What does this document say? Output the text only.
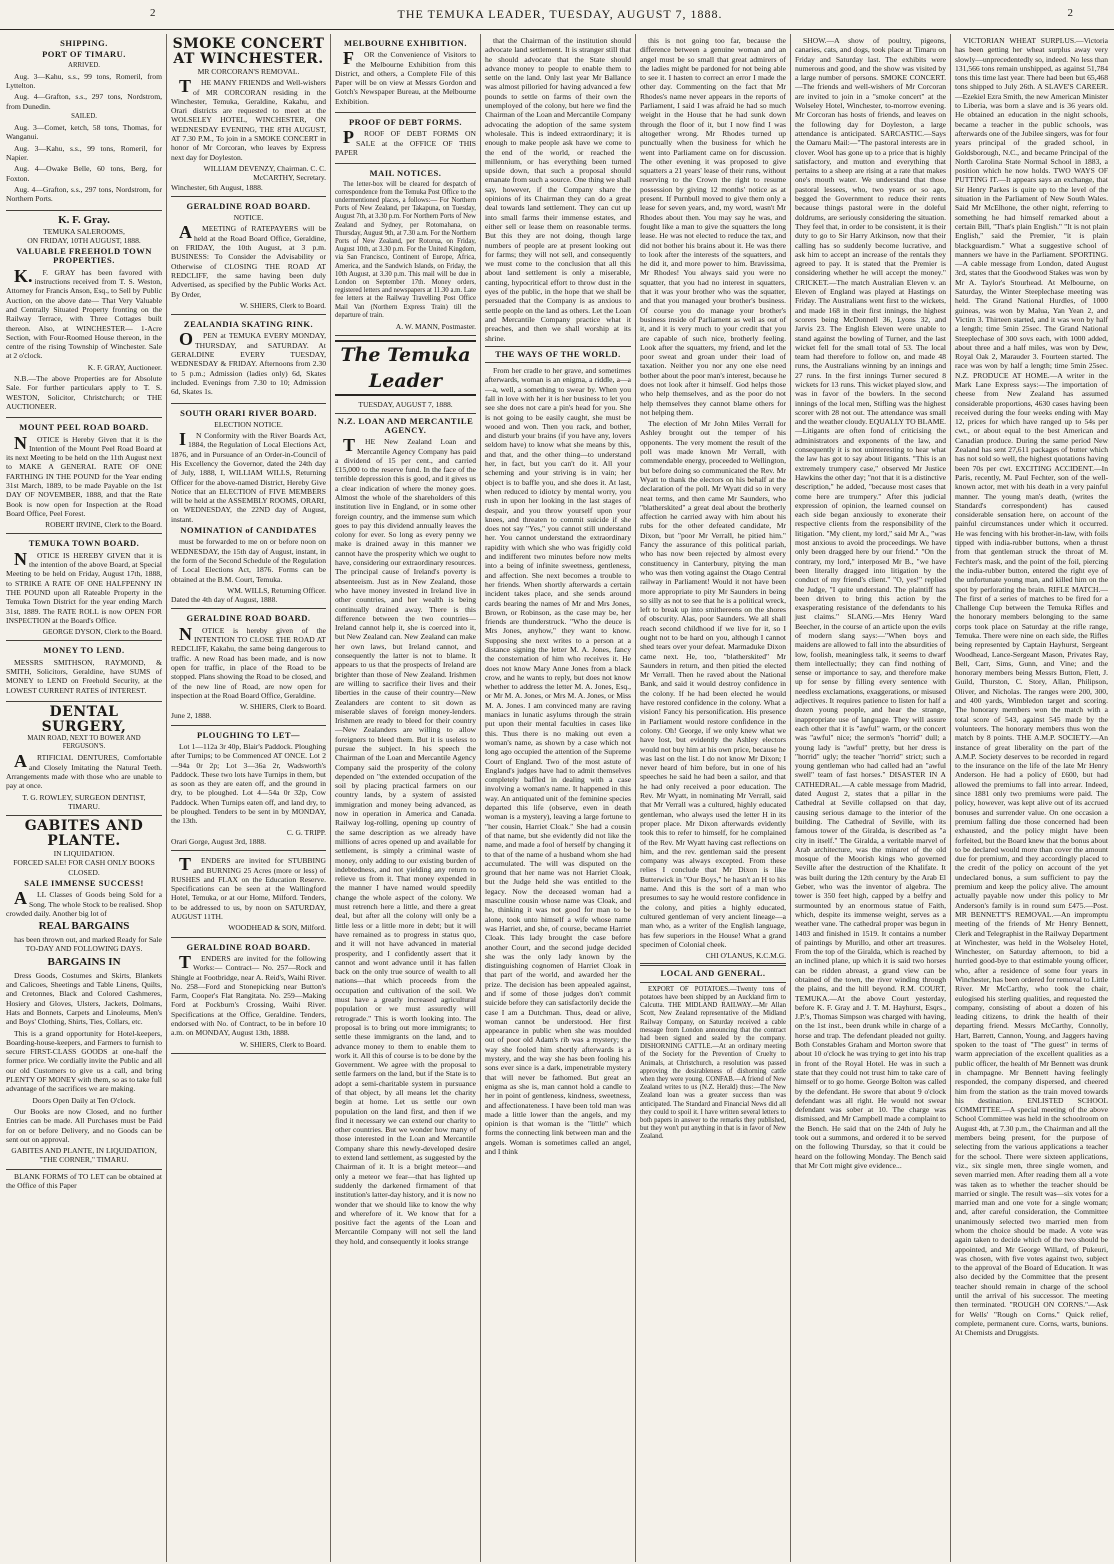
2	THE TEMUKA LEADER, TUESDAY, AUGUST 7, 1888.	2
SHIPPING.
PORT OF TIMARU.
ARRIVED.

Aug. 3—Kahu, s.s., 99 tons, Romeril, from Lyttelton.

Aug. 4—Grafton, s.s., 297 tons, Nordstrom, from Dunedin.

SAILED.

Aug. 3—Comet, ketch, 58 tons, Thomas, for Wanganui.

Aug. 3—Kahu, s.s., 99 tons, Romeril, for Napier.

Aug. 4—Owake Belle, 60 tons, Berg, for Foxton.

Aug. 4—Grafton, s.s., 297 tons, Nordstrom, for Northern Ports.

K. F. Gray.
TEMUKA SALEROOMS,
ON FRIDAY, 10TH AUGUST, 1888.
VALUABLE FREEHOLD TOWN PROPERTIES.

K.F. GRAY has been favored with instructions received from T. S. Weston, Attorney for Francis Anson, Esq., to Sell by Public Auction, on the above date— That Very Valuable and Centrally Situated Property fronting on the Railway Terrace, with Three Cottages built thereon. Also, at WINCHESTER— 1-Acre Section, with Four-Roomed House thereon, in the centre of the rising Township of Winchester. Sale at 2 o'clock.

K. F. GRAY, Auctioneer.

N.B.—The above Properties are for Absolute Sale. For further particulars apply to T. S. WESTON, Solicitor, Christchurch; or THE AUCTIONEER.

MOUNT PEEL ROAD BOARD.

NOTICE is Hereby Given that it is the Intention of the Mount Peel Road Board at its next Meeting to be held on the 11th August next to MAKE A GENERAL RATE OF ONE FARTHING IN THE POUND for the Year ending 31st March, 1889, to be made Payable on the 1st DAY OF NOVEMBER, 1888, and that the Rate Book is now open for Inspection at the Road Board Office, Peel Forest.

ROBERT IRVINE, Clerk to the Board.
TEMUKA TOWN BOARD.

NOTICE IS HEREBY GIVEN that it is the intention of the above Board, at Special Meeting to be held on Friday, August 17th, 1888, to STRIKE A RATE OF ONE HALFPENNY IN THE POUND upon all Rateable Property in the Temuka Town District for the year ending March 31st, 1889. The RATE ROLL is now OPEN FOR INSPECTION at the Board's Office.

GEORGE DYSON, Clerk to the Board.
MONEY TO LEND.

MESSRS SMITHSON, RAYMOND, & SMITH, Solicitors, Geraldine, have SUMS of MONEY to LEND on Freehold Security, at the LOWEST CURRENT RATES of INTEREST.

DENTAL SURGERY,
MAIN ROAD, NEXT TO BOWER AND FERGUSON'S.

ARTIFICIAL DENTURES, Comfortable and Closely Imitating the Natural Teeth. Arrangements made with those who are unable to pay at once.

T. G. ROWLEY, SURGEON DENTIST, TIMARU.
GABITES AND PLANTE.
IN LIQUIDATION.
FORCED SALE! FOR CASH ONLY BOOKS CLOSED.
SALE IMMENSE SUCCESS!

ALL Classes of Goods being Sold for a Song. The whole Stock to be realised. Shop crowded daily. Another big lot of

REAL BARGAINS

has been thrown out, and marked Ready for Sale TO-DAY AND FOLLOWING DAYS.

BARGAINS IN

Dress Goods, Costumes and Skirts, Blankets and Calicoes, Sheetings and Table Linens, Quilts, and Cretonnes, Black and Colored Cashmeres, Hosiery and Gloves, Ulsters, Jackets, Dolmans, Hats and Bonnets, Carpets and Linoleums, Men's and Boys' Clothing, Shirts, Ties, Collars, etc.

This is a grand opportunity for Hotel-keepers, Boarding-house-keepers, and Farmers to furnish to secure FIRST-CLASS GOODS at one-half the former price. We cordially invite the Public and all our old Customers to give us a call, and bring PLENTY OF MONEY with them, so as to take full advantage of the sacrifices we are making.

Doors Open Daily at Ten O'clock.

Our Books are now Closed, and no further Entries can be made. All Purchases must be Paid for on or before Delivery, and no Goods can be sent out on approval.

GABITES AND PLANTE, IN LIQUIDATION, "THE CORNER," TIMARU.

BLANK FORMS of TO LET can be obtained at the Office of this Paper

SMOKE CONCERT AT WINCHESTER.
MR CORCORAN'S REMOVAL.

THE MANY FRIENDS and Well-wishers of MR CORCORAN residing in the Winchester, Temuka, Geraldine, Kakahu, and Orari districts are requested to meet at the WOLSELEY HOTEL, WINCHESTER, ON WEDNESDAY EVENING, THE 8TH AUGUST, AT 7.30 P.M., To join in a SMOKE CONCERT in honor of Mr Corcoran, who leaves by Express next day for Doyleston.

WILLIAM DEVENZY, Chairman. C. C. McCARTHY, Secretary.
Winchester, 6th August, 1888.
GERALDINE ROAD BOARD.
NOTICE.

AMEETING of RATEPAYERS will be held at the Road Board Office, Geraldine, on FRIDAY, the 10th August, at 3 p.m. BUSINESS: To Consider the Advisability or Otherwise of CLOSING THE ROAD AT REDCLIFF, the same having been duly Advertised, as specified by the Public Works Act. By Order,

W. SHIERS, Clerk to Board.
ZEALANDIA SKATING RINK.

OPEN at TEMUKA EVERY MONDAY, THURSDAY, and SATURDAY. At GERALDINE EVERY TUESDAY, WEDNESDAY & FRIDAY. Afternoons from 2.30 to 5 p.m.; Admission (ladies only) 6d, Skates included. Evenings from 7.30 to 10; Admission 6d, Skates 1s.

SOUTH ORARI RIVER BOARD.
ELECTION NOTICE.

IN Conformity with the River Boards Act, 1884, the Regulation of Local Elections Act, 1876, and in Pursuance of an Order-in-Council of His Excellency the Governor, dated the 24th day of July, 1888, I, WILLIAM WILLS, Returning Officer for the above-named District, Hereby Give Notice that an ELECTION of FIVE MEMBERS will be held at the ASSEMBLY ROOMS, ORARI, on WEDNESDAY, the 22ND day of August, instant.

NOMINATION of CANDIDATES

must be forwarded to me on or before noon on WEDNESDAY, the 15th day of August, instant, in the form of the Second Schedule of the Regulation of Local Elections Act, 1876. Forms can be obtained at the B.M. Court, Temuka.

WM. WILLS, Returning Officer.
Dated the 4th day of August, 1888.
GERALDINE ROAD BOARD.

NOTICE is hereby given of the INTENTION TO CLOSE THE ROAD AT REDCLIFF, Kakahu, the same being dangerous to traffic. A new Road has been made, and is now open for traffic, in place of the Road to be stopped. Plans showing the Road to be closed, and of the new line of Road, are now open for inspection at the Road Board Office, Geraldine.

W. SHIERS, Clerk to Board.
June 2, 1888.
PLOUGHING TO LET—

Lot 1—112a 3r 40p, Blair's Paddock. Ploughing after Turnips; to be Commenced AT ONCE. Lot 2—94a 0r 2p; Lot 3—36a 2r, Wadsworth's Paddock. These two lots have Turnips in them, but as soon as they are eaten off, and the ground in dry, to be ploughed. Lot 4—54a 0r 32p, Cow Paddock. When Turnips eaten off, and land dry, to be ploughed. Tenders to be sent in by MONDAY, the 13th.

C. G. TRIPP.
Orari Gorge, August 3rd, 1888.

TENDERS are invited for STUBBING and BURNING 25 Acres (more or less) of RUSHES and FLAX on the Education Reserve. Specifications can be seen at the Wallingford Hotel, Temuka, or at our Home, Milford. Tenders, to be addressed to us, by noon on SATURDAY, AUGUST 11TH.

WOODHEAD & SON, Milford.
GERALDINE ROAD BOARD.

TENDERS are invited for the following Works:— Contract— No. 257—Rock and Shingle at Footbridge, near A. Reid's, Waihi River. No. 258—Ford and Stonepicking near Button's Farm, Cooper's Flat Rangitata. No. 259—Making Ford at Pockburn's Crossing, Waihi River. Specifications at the Office, Geraldine. Tenders, endorsed with No. of Contract, to be in before 10 a.m. on MONDAY, August 13th, 1888.

W. SHIERS, Clerk to Board.
MELBOURNE EXHIBITION.

FOR the Convenience of Visitors to the Melbourne Exhibition from this District, and others, a Complete File of this Paper will be on view at Messrs Gordon and Gotch's Newspaper Bureau, at the Melbourne Exhibition.

PROOF OF DEBT FORMS.

PROOF OF DEBT FORMS ON SALE at the OFFICE OF THIS PAPER

MAIL NOTICES.

The letter-box will be cleared for despatch of correspondence from the Temuka Post Office to the undermentioned places, a follows:— For Northern Ports of New Zealand, per Takapuna, on Tuesday, August 7th, at 3.30 p.m. For Northern Ports of New Zealand and Sydney, per Rotomahana, on Thursday, August 9th, at 7.30 a.m. For the Northern Ports of New Zealand, per Rotorua, on Friday, August 10th, at 3.30 p.m. For the United Kingdom, via San Francisco, Continent of Europe, Africa, America, and the Sandwich Islands, on Friday, the 10th August, at 3.30 p.m. This mail will be due in London on September 17th. Money orders, registered letters and newspapers at 11.30 a.m. Late fee letters at the Railway Travelling Post Office Mail Van (Northern Express Train) till the departure of train.

A. W. MANN, Postmaster.
The Temuka Leader
TUESDAY, AUGUST 7, 1888.
N.Z. LOAN AND MERCANTILE AGENCY.

THE New Zealand Loan and Mercantile Agency Company has paid a dividend of 15 per cent., and carried £15,000 to the reserve fund. In the face of the terrible depression this is good, and it gives us a clear indication of where the money goes. Almost the whole of the shareholders of this institution live in England, or in some other foreign country, and the immense sum which goes to pay this dividend annually leaves the colony for ever. So long as every penny we make is drained away in this manner we cannot have the prosperity which we ought to have, considering our extraordinary resources. The principal cause of Ireland's poverty is absenteeism. Just as in New Zealand, those who have money invested in Ireland live in other countries, and her wealth is being continually drained away. There is this difference between the two countries—Ireland cannot help it, she is coerced into it, but New Zealand can. New Zealand can make her own laws, but Ireland cannot, and consequently the latter is not to blame. It appears to us that the prospects of Ireland are brighter than those of New Zealand. Irishmen are willing to sacrifice their lives and their liberties in the cause of their country—New Zealanders are content to sit down as miserable slaves of foreign money-lenders. Irishmen are ready to bleed for their country—New Zealanders are willing to allow foreigners to bleed them. But it is useless to pursue the subject. In his speech the Chairman of the Loan and Mercantile Agency Company said the prosperity of the colony depended on "the extended occupation of the soil by placing practical farmers on our country lands, by a system of assisted immigration and money being advanced, as now in operation in America and Canada. Railway log-rolling, opening up country of the same description as we already have millions of acres opened up and available for settlement, is simply a criminal waste of money, only adding to our existing burden of indebtedness, and not yielding any return to relieve us from it. That money expended in the manner I have named would speedily change the whole aspect of the colony. We must retrench here a little, and there a great deal, but after all the colony will only be a little less or a little more in debt; but it will have remained as to progress in status quo, and it will not have advanced in material prosperity, and I confidently assert that it cannot and wont advance until it has fallen back on the only true source of wealth to all nations—that which proceeds from the occupation and cultivation of the soil. We must have a greatly increased agricultural population or we must assuredly will retrograde." This is worth looking into. The proposal is to bring out more immigrants; to settle these immigrants on the land, and to advance money to them to enable them to work it. All this of course is to be done by the Government. We agree with the proposal to settle farmers on the land, but if the State is to adopt a semi-charitable system in pursuance of that object, by all means let the charity begin at home. Let us settle our own population on the land first, and then if we find it necessary we can extend our charity to other countries. But we wonder how many of those interested in the Loan and Mercantile Company share this newly-developed desire to extend land settlement, as suggested by the Chairman of it. It is a bright meteor—and only a meteor we fear—that has lighted up suddenly the darkened firmament of that institution's latter-day history, and it is now no wonder that we should like to know the why and wherefore of it. We know that for a positive fact the agents of the Loan and Mercantile Company will not sell the land they hold, and consequently it looks strange

that the Chairman of the institution should advocate land settlement. It is stranger still that he should advocate that the State should advance money to people to enable them to settle on the land. Only last year Mr Ballance was almost pilloried for having advanced a few pounds to settle on farms of their own the unemployed of the colony, but here we find the Chairman of the Loan and Mercantile Company advocating the adoption of the same system wholesale. This is indeed extraordinary; it is enough to make people ask have we come to the end of the world, or reached the millennium, or has everything been turned upside down, that such a proposal should emanate from such a source. One thing we shall say, however, if the Company share the opinions of its Chairman they can do a great deal towards land settlement. They can cut up into small farms their immense estates, and either sell or lease them on reasonable terms. But this they are not doing, though large numbers of people are at present looking out for farms; they will not sell, and consequently we must come to the conclusion that all this about land settlement is only a miserable, canting, hypocritical effort to throw dust in the eyes of the public, in the hope that we shall be persuaded that the Company is as anxious to settle people on the land as others. Let the Loan and Mercantile Company practice what it preaches, and then we shall worship at its shrine.

THE WAYS OF THE WORLD.

From her cradle to her grave, and sometimes afterwards, woman is an enigma, a riddle, a—a—a, well, a something to swear by. When you fall in love with her it is her business to let you see she does not care a pin's head for you. She is not going to be easily caught, she must be wooed and won. Then you rack, and bother, and disturb your brains (if you have any, lovers seldom have) to know what she means by this, and that, and the other thing—to understand her, in fact, but you can't do it. All your scheming and your striving is in vain; her object is to baffle you, and she does it. At last, when reduced to idiotcy by mental worry, you rush in upon her looking in the last stages of despair, and you throw yourself upon your knees, and threaten to commit suicide if she does not say "Yes," you cannot still understand her. You cannot understand the extraordinary rapidity with which she who was frigidly cold and indifferent two minutes before now melts into a being of infinite sweetness, gentleness, and affection. She next becomes a trouble to her friends. When shortly afterwards a certain incident takes place, and she sends around cards bearing the names of Mr and Mrs Jones, Brown, or Robinson, as the case may be, her friends are thunderstruck. "Who the deuce is Mrs Jones, anyhow," they want to know. Supposing she next writes to a person at a distance signing the letter M. A. Jones, fancy the consternation of him who receives it. He does not know Mary Anne Jones from a black crow, and he wants to reply, but does not know whether to address the letter M. A. Jones, Esq., or Mr M. A. Jones, or Mrs M. A. Jones, or Miss M. A. Jones. I am convinced many are raving maniacs in lunatic asylums through the strain put upon their mental faculties in cases like this. Thus there is no making out even a woman's name, as shown by a case which not long ago occupied the attention of the Supreme Court of England. Two of the most astute of England's judges have had to admit themselves completely baffled in dealing with a case involving a woman's name. It happened in this way. An antiquated unit of the feminine species departed this life (observe, even in death woman is a mystery), leaving a large fortune to "her cousin, Harriet Cloak." She had a cousin of that name, but she evidently did not like the name, and made a fool of herself by changing it to that of the name of a husband whom she had accumulated. The will was disputed on the ground that her name was not Harriet Cloak, but the Judge held she was entitled to the legacy. Now the deceased woman had a masculine cousin whose name was Cloak, and he, thinking it was not good for man to be alone, took unto himself a wife whose name was Harriet, and she, of course, became Harriet Cloak. This lady brought the case before another Court, and the second judge decided she was the only lady known by the distinguishing cognomen of Harriet Cloak in that part of the world, and awarded her the prize. The decision has been appealed against, and if some of those judges don't commit suicide before they can satisfactorily decide the case I am a Dutchman. Thus, dead or alive, woman cannot be understood. Her first appearance in public when she was moulded out of poor old Adam's rib was a mystery; the way she fooled him shortly afterwards is a mystery, and the way she has been fooling his sons ever since is a dark, impenetrable mystery that will never be fathomed. But great an enigma as she is, man cannot hold a candle to her in point of gentleness, kindness, sweetness, and affectionateness. I have been told man was made a little lower than the angels, and my opinion is that woman is the "little" which forms the connecting link between man and the angels. Woman is sometimes called an angel, and I think

this is not going too far, because the difference between a genuine woman and an angel must be so small that great admirers of the ladies might be pardoned for not being able to see it. I hasten to correct an error I made the other day. Commenting on the fact that Mr Rhodes's name never appears in the reports of Parliament, I said I was afraid he had so much weight in the House that he had sunk down through the floor of it, but I now find I was altogether wrong. Mr Rhodes turned up punctually when the business for which he went into Parliament came on for discussion. The other evening it was proposed to give squatters a 21 years' lease of their runs, without reserving to the Crown the right to resume possession by giving 12 months' notice as at present. If Purnbull moved to give them only a lease for seven years, and, my word, wasn't Mr Rhodes about then. You may say he was, and fought like a man to give the squatters the long lease. He was not elected to reduce the tax, and did not bother his brains about it. He was there to look after the interests of the squatters, and he did it, and more power to him. Bravissima, Mr Rhodes! You always said you were no squatter, that you had no interest in squatters, that it was your brother who was the squatter, and that you managed your brother's business. Of course you do manage your brother's business inside of Parliament as well as out of it, and it is very much to your credit that you are capable of such nice, brotherly feeling. Look after the squatters, my friend, and let the poor sweat and groan under their load of taxation. Neither you nor any one else need bother about the poor man's interest, because he does not look after it himself. God helps those who help themselves, and as the poor do not help themselves they cannot blame others for not helping them.

The election of Mr John Miles Verrall for Ashley brought out the temper of his opponents. The very moment the result of the poll was made known Mr Verrall, with commendable energy, proceeded to Wellington, but before doing so communicated the Rev. Mr Wyatt to thank the electors on his behalf at the declaration of the poll. Mr Wyatt did so in very neat terms, and then came Mr Saunders, who "blatherskited" a great deal about the brotherly affection he carried away with him about his rubs for the other defeated candidate, Mr Dixon, but "poor Mr Verrall, he pitied him." Fancy the assurance of this political pariah, who has now been rejected by almost every constituency in Canterbury, pitying the man who was then voting against the Otago Central railway in Parliament! Would it not have been more appropriate to pity Mr Saunders in being so silly as not to see that he is a political wreck, left to break up into smithereens on the shores of obscurity. Alas, poor Saunders. We all shall reach second childhood if we live for it, so I ought not to be hard on you, although I cannot shed tears over your defeat. Marmaduke Dixon came next. He, too, "blatherskited" Mr Saunders in return, and then pitied the elected Mr Verrall. Then he raved about the National Bank, and said it would destroy confidence in the colony. If he had been elected he would have restored confidence in the colony. What a vision! Fancy his personification. His presence in Parliament would restore confidence in the colony. Oh! George, if we only knew what we have lost, but evidently the Ashley electors would not buy him at his own price, because he was last on the list. I do not know Mr Dixon; I never heard of him before, but in one of his speeches he said he had been a sailor, and that he had only received a poor education. The Rev. Mr Wyatt, in nominating Mr Verrall, said that Mr Verrall was a cultured, highly educated gentleman, who always used the letter H in its proper place. Mr Dixon afterwards evidently took this to refer to himself, for he complained of the Rev. Mr Wyatt having cast reflections on him, and the rev. gentleman said the present company was always excepted. From these relies I conclude that Mr Dixon is like Butterwick in "Our Boys," he hasn't an H to his name. And this is the sort of a man who presumes to say he would restore confidence in the colony, and pities a highly educated, cultured gentleman of very ancient lineage—a man who, as a writer of the English language, has few superiors in the House! What a grand specimen of Colonial cheek.

CHI O'LANUS, K.C.M.G.
LOCAL AND GENERAL.

EXPORT OF POTATOES.—Twenty tons of potatoes have been shipped by an Auckland firm to Calcutta. THE MIDLAND RAILWAY.—Mr Allan Scott, New Zealand representative of the Midland Railway Company, on Saturday received a cable message from London announcing that the contract had been signed and sealed by the company. DISHORNING CATTLE.—At an ordinary meeting of the Society for the Prevention of Cruelty to Animals, at Christchurch, a resolution was passed approving the desirableness of dishorning cattle when they were young. CONFAB.—A friend of New Zealand writes to us (N.Z. Herald) thus:—The New Zealand loan was a greater success than was anticipated. The Standard and Financial News did all they could to spoil it. I have written several letters to both papers in answer to the remarks they published, but they won't put anything in that is in favor of New Zealand.

SHOW.—A show of poultry, pigeons, canaries, cats, and dogs, took place at Timaru on Friday and Saturday last. The exhibits were numerous and good, and the show was visited by a large number of persons. SMOKE CONCERT.—The friends and well-wishers of Mr Corcoran are invited to join in a "smoke concert" at the Wolseley Hotel, Winchester, to-morrow evening. Mr Corcoran has hosts of friends, and leaves on the following day for Doyleston, a large attendance is anticipated. SARCASTIC.—Says the Oamaru Mail:—"The pastoral interests are in clover. Wool has gone up to a price that is highly satisfactory, and mutton and everything that pertains to a sheep are rising at a rate that makes one's mouth water. We understand that those pastoral lessees, who, two years or so ago, begged the Government to reduce their rents because things pastoral were in the doleful doldrums, are seriously considering the situation. They feel that, in order to be consistent, it is their duty to go to Sir Harry Atkinson, now that their calling has so suddenly become lucrative, and ask him to accept an increase of the rentals they agreed to pay. It is stated that the Premier is considering whether he will accept the money." CRICKET.—The match Australian Eleven v. an Eleven of England was played at Hastings on Friday. The Australians went first to the wickets, and made 168 in their first innings, the highest scorers being McDonnell 36, Lyons 32, and Jarvis 23. The English Eleven were unable to stand against the bowling of Turner, and the last wicket fell for the small total of 53. The local team had therefore to follow on, and made 48 runs, the Australians winning by an innings and 27 runs. In the first innings Turner secured 8 wickets for 13 runs. This wicket played slow, and was in favor of the bowlers. In the second innings of the local men, Stifling was the highest scorer with 28 not out. The attendance was small and the weather cloudy. EQUALLY TO BLAME.—Litigants are often fond of criticising the administrators and exponents of the law, and consequently it is not uninteresting to hear what the law has got to say about litigants. "This is an extremely trumpery case," observed Mr Justice Hawkins the other day; "not that it is a distinctive description," he added, "because most cases that come here are trumpery." After this judicial expression of opinion, the learned counsel on each side began anxiously to exonerate their respective clients from the responsibility of the litigation. "My client, my lord," said Mr A., "was most anxious to avoid the proceedings. We have only been dragged here by our friend." "On the contrary, my lord," interposed Mr B., "we have been literally dragged into litigation by the conduct of my friend's client." "O, yes!" replied the Judge, "I quite understand. The plaintiff has been driven to bring this action by the exasperating resistance of the defendants to his just claims." SLANG.—Mrs Henry Ward Beecher, in the course of an article upon the evils of modern slang says:—"When boys and maidens are allowed to fall into the absurdities of low, foolish, meaningless talk, it seems to dwarf them intellectually; they can find nothing of sense or importance to say, and therefore make up for sense by filling every sentence with needless exclamations, exaggerations, or misused adjectives. It requires patience to listen for half a dozen young people, and hear the strange, inappropriate use of language. They will assure each other that it is "awful" warm, or the concert was "awful" nice; the sermon's "horrid" dull; a young lady is "awful" pretty, but her dress is "horrid" ugly; the teacher "horrid" strict; such a young gentleman who had called had an "awful swell" team of fast horses." DISASTER IN A CATHEDRAL.—A cable message from Madrid, dated August 2, states that a pillar in the Cathedral at Seville collapsed on that day, causing serious damage to the interior of the building. The Cathedral of Seville, with its famous tower of the Giralda, is described as "a city in itself." The Giralda, a veritable marvel of Arab architecture, was the minaret of the old mosque of the Moorish kings who governed Seville after the destruction of the Khalifate. It was built during the 12th century by the Arab El Geber, who was the inventor of algebra. The tower is 350 feet high, capped by a belfry and surmounted by an enormous statue of Faith, which, despite its immense weight, serves as a weather vane. The cathedral proper was begun in 1403 and finished in 1519. It contains a number of paintings by Murillo, and other art treasures. From the top of the Giralda, which is reached by an inclined plane, up which it is said two horses can be ridden abreast, a grand view can be obtained of the town, the river winding through the plains, and the hill beyond. R.M. COURT, TEMUKA.—At the above Court yesterday, before K. F. Gray and J. T. M. Hayhurst, Esqrs., J.P.'s, Thomas Simpson was charged with having, on the 1st inst., been drunk while in charge of a horse and trap. The defendant pleaded not guilty. Both Constables Graham and Morton swore that about 10 o'clock he was trying to get into his trap in front of the Royal Hotel. He was in such a state that they could not trust him to take care of himself or to go home. George Bolton was called by the defendant. He swore that about 9 o'clock defendant was all right. He would not swear defendant was sober at 10. The charge was dismissed, and Mr Campbell made a complaint to the Bench. He said that on the 24th of July he took out a summons, and ordered it to be served on the following Thursday, so that it could be heard on the following Monday. The Bench said that Mr Cott might give evidence...

VICTORIAN WHEAT SURPLUS.—Victoria has been getting her wheat surplus away very slowly—unprecedentedly so, indeed. No less than 131,566 tons remain unshipped, as against 51,784 tons this time last year. There had been but 65,468 tons shipped to July 26th. A SLAVE'S CAREER.—Ezekiel Ezra Smith, the new American Minister to Liberia, was born a slave and is 36 years old. He obtained an education in the night schools, became a teacher in the public schools, was afterwards one of the Jubilee singers, was for four years principal of the graded school, in Goldsborough, N.C., and became Principal of the North Carolina State Normal School in 1883, a position which he now holds. TWO WAYS OF PUTTING IT.—It appears says an exchange, that Sir Henry Parkes is quite up to the level of the situation in the Parliament of New South Wales. Said Mr McElhone, the other night, referring to something he had himself remarked about a certain Bill, "That's plain English." "It is not plain English," said the Premier, "it is plain blackguardism." What a suggestive school of manners we have in the Parliament. SPORTING.—A cable message from London, dated August 3rd, states that the Goodwood Stakes was won by Mr A. Taylor's Stourhead. At Melbourne, on Saturday, the Winter Steeplechase meeting was held. The Grand National Hurdles, of 1000 guineas, was won by Malua, Yan Yean 2, and Victim 3. Thirteen started, and it was won by half a length; time 5min 25sec. The Grand National Steeplechase of 300 sovs each, with 1000 added, about three and a half miles, was won by Dew, Royal Oak 2, Marauder 3. Fourteen started. The race was won by half a length; time 5min 25sec. N.Z. PRODUCE AT HOME.—A writer in the Mark Lane Express says:—The importation of cheese from New Zealand has assumed considerable proportions, 4630 cases having been received during the four weeks ending with May 12, prices for which have ranged up to 54s per cwt., or about equal to the best American and Canadian produce. During the same period New Zealand has sent 27,611 packages of butter which has not sold so well, the highest quotations having been 70s per cwt. EXCITING ACCIDENT.—In Paris, recently, M. Paul Fechter, son of the well-known actor, met with his death in a very painful manner. The young man's death, (writes the Standard's correspondent) has caused considerable sensation here, on account of the painful circumstances under which it occurred. He was fencing with his brother-in-law, with foils tipped with india-rubber buttons, when a thrust from that gentleman struck the throat of M. Fechter's mask, and the point of the foil, piercing the india-rubber button, entered the right eye of the unfortunate young man, and killed him on the spot by perforating the brain. RIFLE MATCH.—The first of a series of matches to be fired for a Challenge Cup between the Temuka Rifles and the honorary members belonging to the same corps took place on Saturday at the rifle range, Temuka. There were nine on each side, the Rifles being represented by Captain Hayhurst, Sergeant Woodhead, Lance-Sergeant Mason, Privates Ray, Bell, Carr, Sims, Gunn, and Vine; and the honorary members being Messrs Button, Flett, J. Guild, Thurston, C. Story, Allan, Philipson, Oliver, and Nicholas. The ranges were 200, 300, and 400 yards, Wimbledon target and scoring. The honorary members won the match with a total score of 543, against 545 made by the volunteers. The honorary members thus won the match by 8 points. THE A.M.P. SOCIETY.—An instance of great liberality on the part of the A.M.P. Society deserves to be recorded in regard to the insurance on the life of the late Mr Henry Anderson. He had a policy of £600, but had allowed the premiums to fall into arrear. Indeed, since 1881 only two premiums were paid. The policy, however, was kept alive out of its accrued bonuses and surrender value. On one occasion a premium falling due those concerned had been exhausted, and the policy might have been forfeited, but the Board knew that the bonus about to be declared would more than cover the amount due for premium, and they accordingly placed to the credit of the policy on account of the yet undeclared bonus, a sum sufficient to pay the premium and keep the policy alive. The amount actually payable now under this policy to Mr Anderson's family is in round sum £475.—Post. MR BENNETT'S REMOVAL.—An impromptu meeting of the friends of Mr Henry Bennett, Clerk and Telegraphist in the Railway Department at Winchester, was held in the Wolseley Hotel, Winchester, on Saturday afternoon, to bid a hurried good-bye to that estimable young officer, who, after a residence of some four years in Winchester, has been ordered for removal to Little River. Mr McCarthy, who took the chair, eulogised his sterling qualities, and requested the company, consisting of about a dozen of his leading citizens, to drink the health of their departing friend. Messrs McCarthy, Connolly, Hart, Barrett, Cannon, Young, and Jaggers having spoken to the toast of "The guest" in terms of warm appreciation of the excellent qualities as a public officer, the health of Mr Bennett was drunk in champagne. Mr Bennett having feelingly responded, the company dispersed, and cheered him from the station as the train moved towards his destination. ENLISTED SCHOOL COMMITTEE.—A special meeting of the above School Committee was held in the schoolroom on August 4th, at 7.30 p.m., the Chairman and all the members being present, for the purpose of selecting from the various applications a teacher for the school. There were sixteen applications, viz., six single men, three single women, and seven married men. After reading them all a vote was taken as to whether the teacher should be married or single. The result was—six votes for a married man and one vote for a single woman; and, after careful consideration, the Committee unanimously selected two married men from whom the choice should be made. A vote was again taken to decide which of the two should be appointed, and Mr George Willard, of Pukeuri, was chosen, with five votes against two, subject to the approval of the Board of Education. It was also decided by the Committee that the present teacher should remain in charge of the school until the arrival of his successor. The meeting then terminated. "ROUGH ON CORNS."—Ask for Wells' "Rough on Corns." Quick relief, complete, permanent cure. Corns, warts, bunions. At Chemists and Druggists.
